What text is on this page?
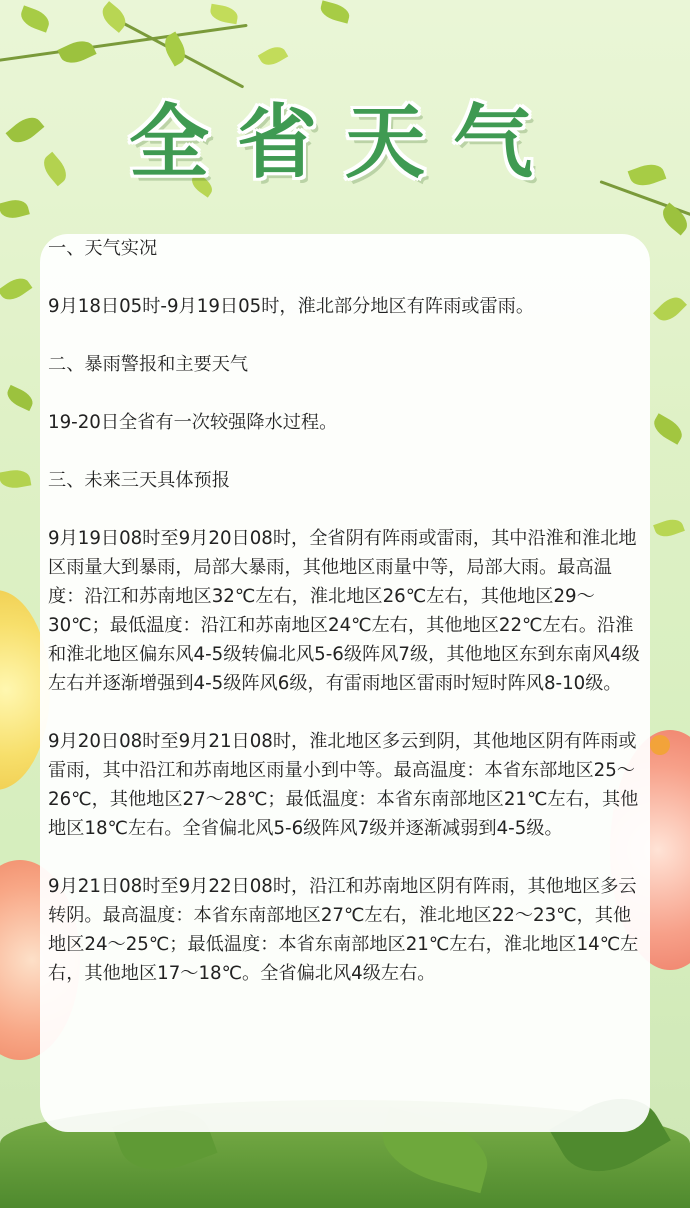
全省天气

一、天气实况

9月18日05时-9月19日05时，淮北部分地区有阵雨或雷雨。

二、暴雨警报和主要天气

19-20日全省有一次较强降水过程。

三、未来三天具体预报

9月19日08时至9月20日08时，全省阴有阵雨或雷雨，其中沿淮和淮北地区雨量大到暴雨，局部大暴雨，其他地区雨量中等，局部大雨。最高温度：沿江和苏南地区32℃左右，淮北地区26℃左右，其他地区29～30℃；最低温度：沿江和苏南地区24℃左右，其他地区22℃左右。沿淮和淮北地区偏东风4-5级转偏北风5-6级阵风7级，其他地区东到东南风4级左右并逐渐增强到4-5级阵风6级，有雷雨地区雷雨时短时阵风8-10级。

9月20日08时至9月21日08时，淮北地区多云到阴，其他地区阴有阵雨或雷雨，其中沿江和苏南地区雨量小到中等。最高温度：本省东部地区25～26℃，其他地区27～28℃；最低温度：本省东南部地区21℃左右，其他地区18℃左右。全省偏北风5-6级阵风7级并逐渐减弱到4-5级。

9月21日08时至9月22日08时，沿江和苏南地区阴有阵雨，其他地区多云转阴。最高温度：本省东南部地区27℃左右，淮北地区22～23℃，其他地区24～25℃；最低温度：本省东南部地区21℃左右，淮北地区14℃左右，其他地区17～18℃。全省偏北风4级左右。
